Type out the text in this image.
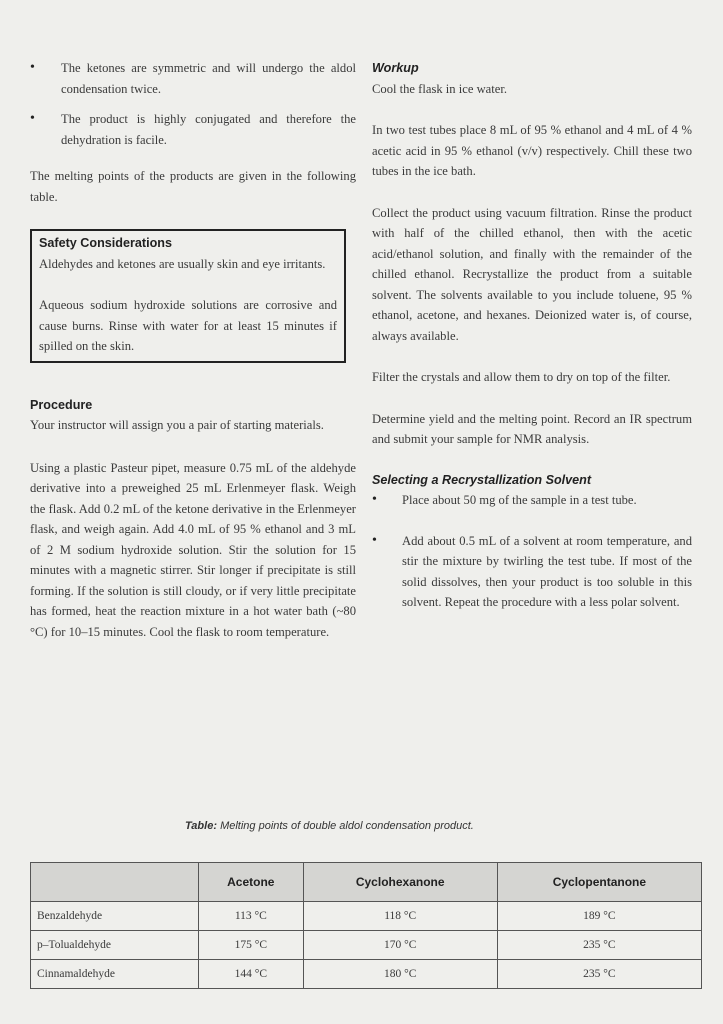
• The ketones are symmetric and will undergo the aldol condensation twice.
• The product is highly conjugated and therefore the dehydration is facile.
The melting points of the products are given in the following table.
Safety Considerations
Aldehydes and ketones are usually skin and eye irritants.
Aqueous sodium hydroxide solutions are corrosive and cause burns. Rinse with water for at least 15 minutes if spilled on the skin.
Procedure
Your instructor will assign you a pair of starting materials.
Using a plastic Pasteur pipet, measure 0.75 mL of the aldehyde derivative into a preweighed 25 mL Erlenmeyer flask. Weigh the flask. Add 0.2 mL of the ketone derivative in the Erlenmeyer flask, and weigh again. Add 4.0 mL of 95 % ethanol and 3 mL of 2 M sodium hydroxide solution. Stir the solution for 15 minutes with a magnetic stirrer. Stir longer if precipitate is still forming. If the solution is still cloudy, or if very little precipitate has formed, heat the reaction mixture in a hot water bath (~80 °C) for 10–15 minutes. Cool the flask to room temperature.
Workup
Cool the flask in ice water.
In two test tubes place 8 mL of 95 % ethanol and 4 mL of 4 % acetic acid in 95 % ethanol (v/v) respectively. Chill these two tubes in the ice bath.
Collect the product using vacuum filtration. Rinse the product with half of the chilled ethanol, then with the acetic acid/ethanol solution, and finally with the remainder of the chilled ethanol. Recrystallize the product from a suitable solvent. The solvents available to you include toluene, 95 % ethanol, acetone, and hexanes. Deionized water is, of course, always available.
Filter the crystals and allow them to dry on top of the filter.
Determine yield and the melting point. Record an IR spectrum and submit your sample for NMR analysis.
Selecting a Recrystallization Solvent
• Place about 50 mg of the sample in a test tube.
• Add about 0.5 mL of a solvent at room temperature, and stir the mixture by twirling the test tube. If most of the solid dissolves, then your product is too soluble in this solvent. Repeat the procedure with a less polar solvent.
Table: Melting points of double aldol condensation product.
	Acetone	Cyclohexanone	Cyclopentanone
Benzaldehyde	113 °C	118 °C	189 °C
p–Tolualdehyde	175 °C	170 °C	235 °C
Cinnamaldehyde	144 °C	180 °C	235 °C
